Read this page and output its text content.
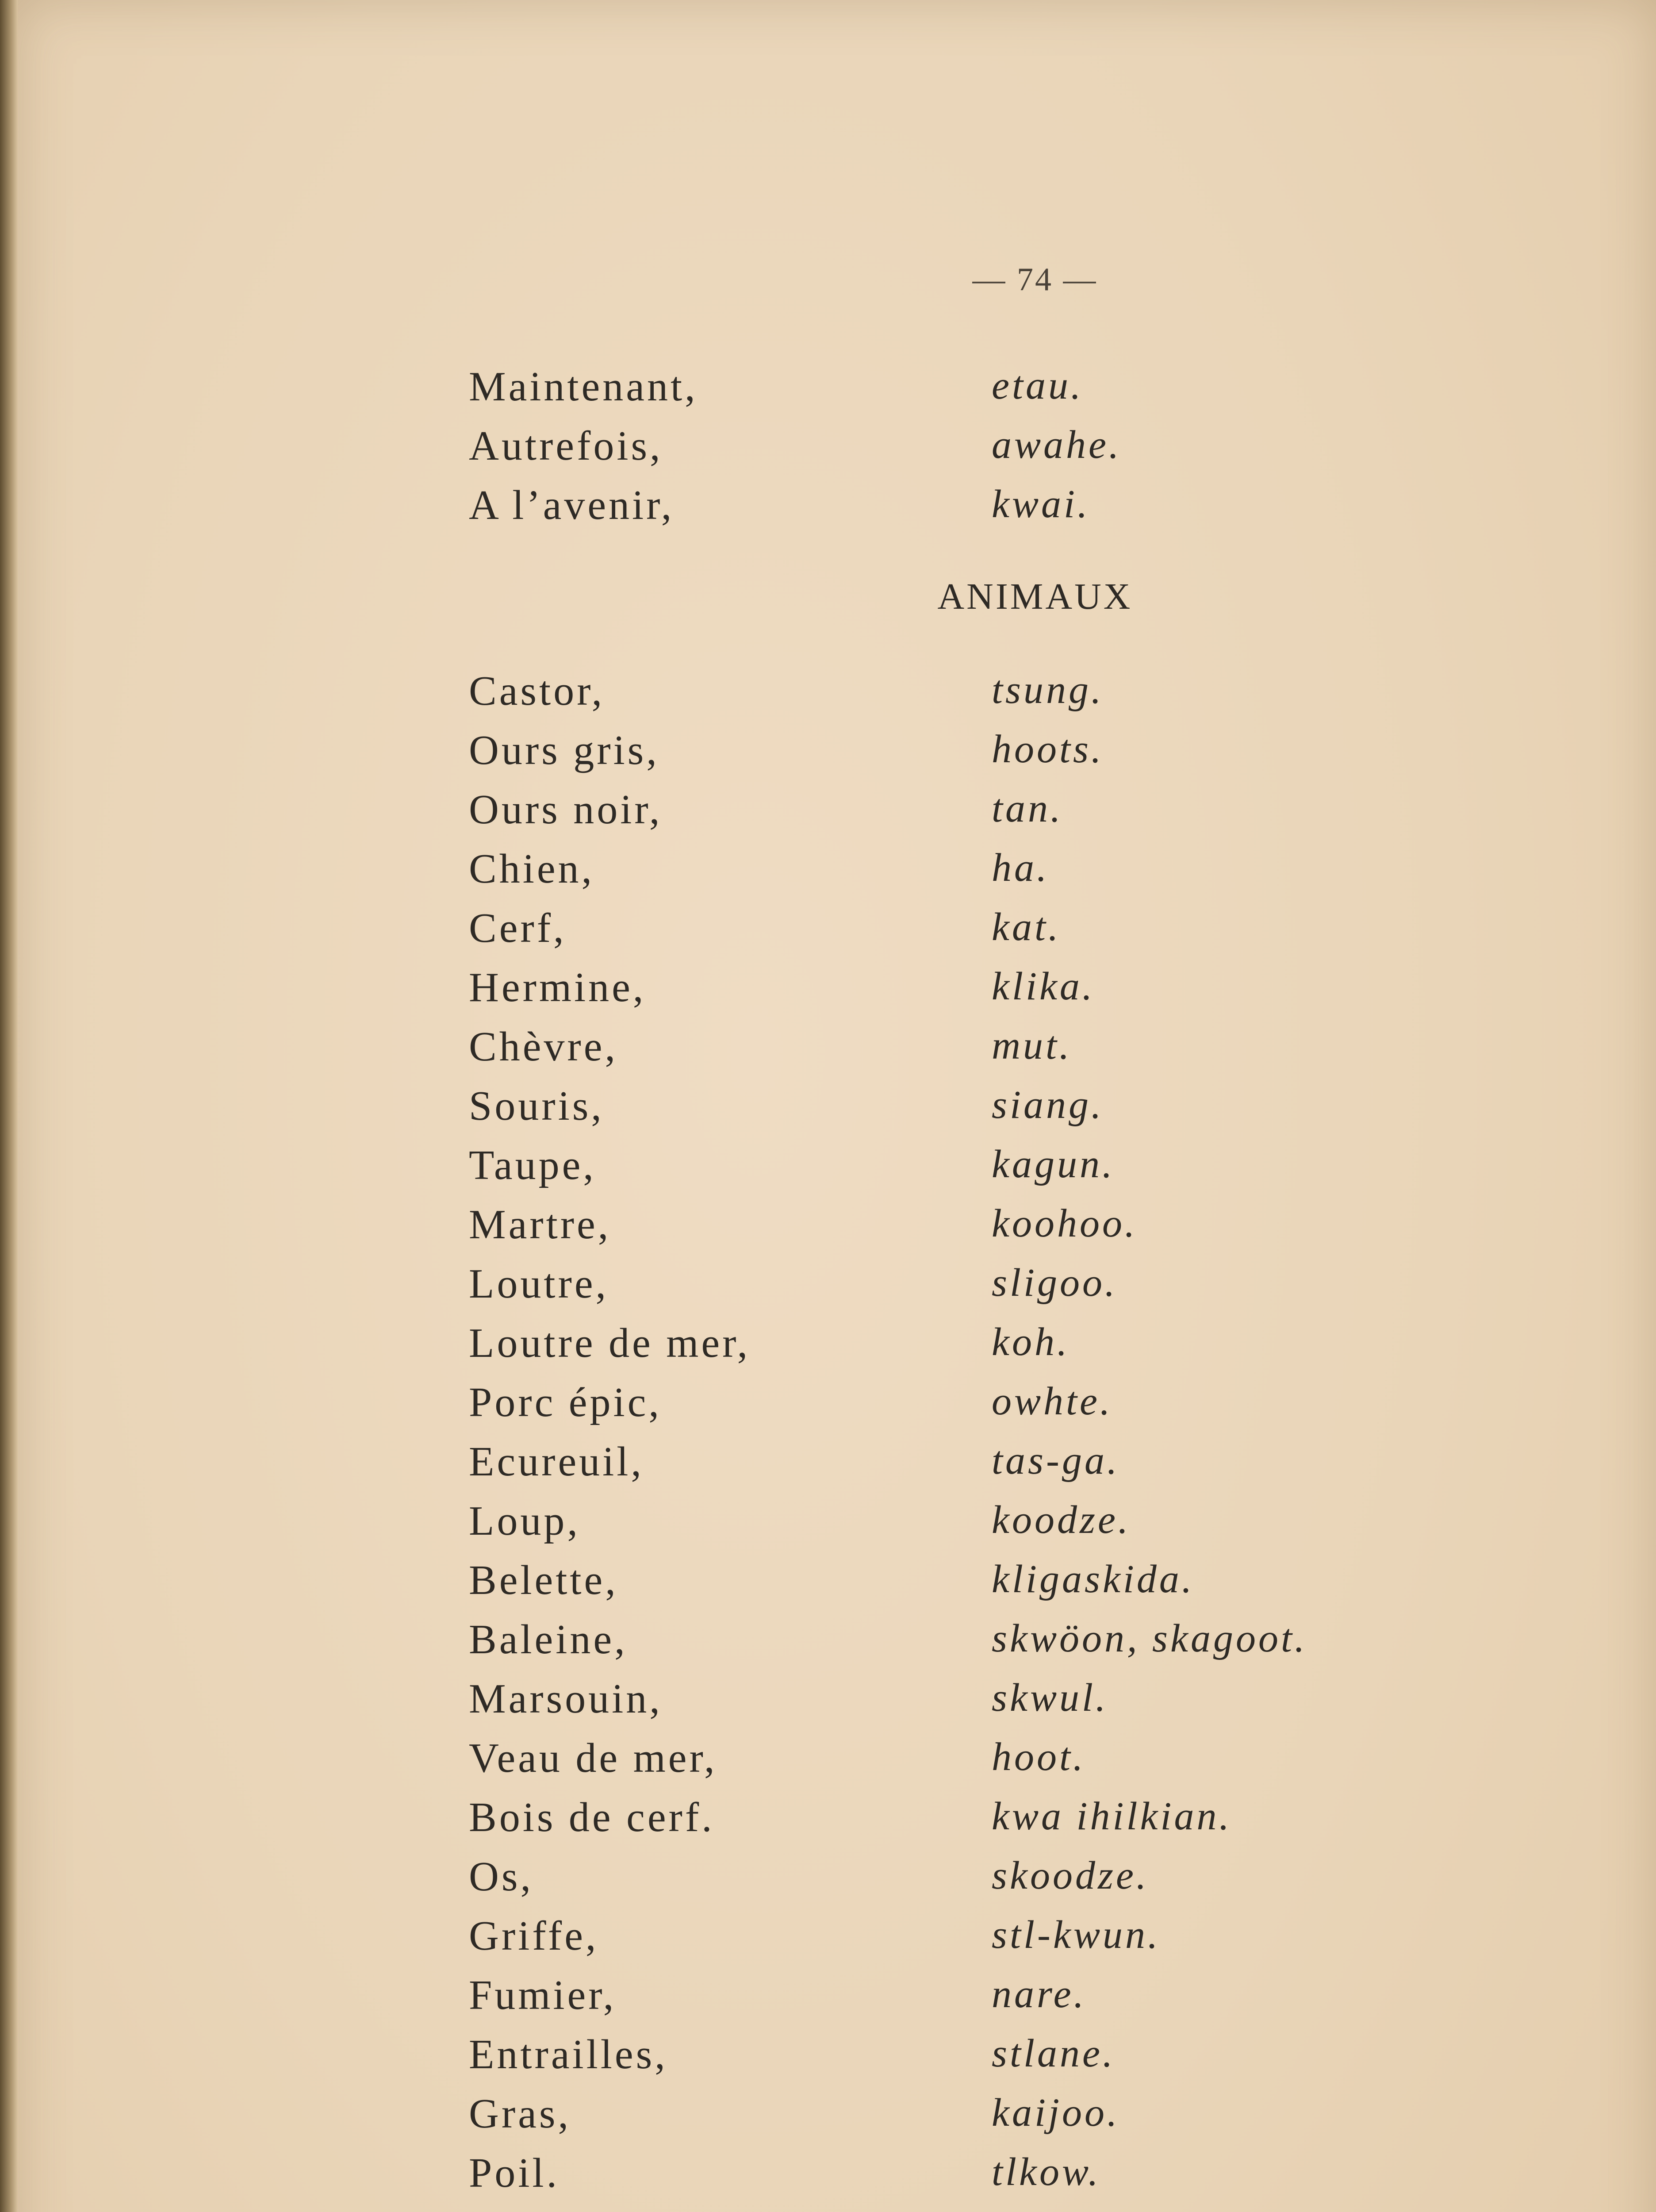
— 74 —
Maintenant,	etau.
Autrefois,	awahe.
A l’avenir,	kwai.
ANIMAUX
Castor,	tsung.
Ours gris,	hoots.
Ours noir,	tan.
Chien,	ha.
Cerf,	kat.
Hermine,	klika.
Chèvre,	mut.
Souris,	siang.
Taupe,	kagun.
Martre,	koohoo.
Loutre,	sligoo.
Loutre de mer,	koh.
Porc épic,	owhte.
Ecureuil,	tas-ga.
Loup,	koodze.
Belette,	kligaskida.
Baleine,	skwöon, skagoot.
Marsouin,	skwul.
Veau de mer,	hoot.
Bois de cerf.	kwa ihilkian.
Os,	skoodze.
Griffe,	stl-kwun.
Fumier,	nare.
Entrailles,	stlane.
Gras,	kaijoo.
Poil.	tlkow.
